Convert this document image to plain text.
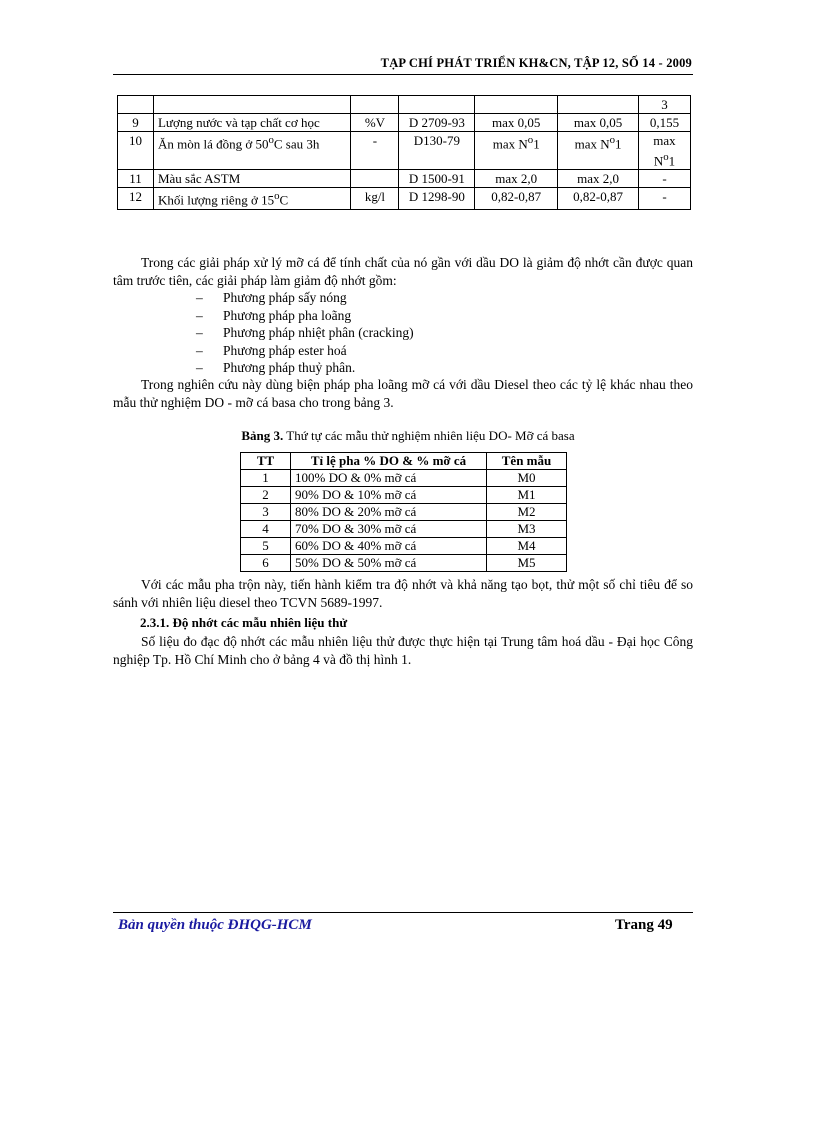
TẠP CHÍ PHÁT TRIỂN KH&CN, TẬP 12, SỐ 14 - 2009
						3
9	Lượng nước và tạp chất cơ học	%V	D 2709-93	max 0,05	max 0,05	0,155
10	Ăn mòn lá đồng ở 50$^o$C sau 3h	-	D130-79	$\max N^o1$	$\max N^o1$	max
$N^o1$
11	Màu sắc ASTM		D 1500-91	max 2,0	max 2,0	-
12	Khối lượng riêng ở 15$^o$C	kg/l	D 1298-90	0,82-0,87	0,82-0,87	-
Trong các giải pháp xử lý mỡ cá để tính chất của nó gần với dầu DO là giảm độ nhớt cần được quan tâm trước tiên, các giải pháp làm giảm độ nhớt gồm:
– Phương pháp sấy nóng
– Phương pháp pha loãng
– Phương pháp nhiệt phân (cracking)
– Phương pháp ester hoá
– Phương pháp thuỷ phân.
Trong nghiên cứu này dùng biện pháp pha loãng mỡ cá với dầu Diesel theo các tỷ lệ khác nhau theo mẫu thử nghiệm DO - mỡ cá basa cho trong bảng 3.
Bảng 3. Thứ tự các mẫu thử nghiệm nhiên liệu DO- Mỡ cá basa
TT	Tỉ lệ pha % DO & % mỡ cá	Tên mẫu
1	100% DO & 0% mỡ cá	M0
2	90% DO & 10% mỡ cá	M1
3	80% DO & 20% mỡ cá	M2
4	70% DO & 30% mỡ cá	M3
5	60% DO & 40% mỡ cá	M4
6	50% DO & 50% mỡ cá	M5
Với các mẫu pha trộn này, tiến hành kiểm tra độ nhớt và khả năng tạo bọt, thử một số chỉ tiêu để so sánh với nhiên liệu diesel theo TCVN 5689-1997.
2.3.1. Độ nhớt các mẫu nhiên liệu thử
Số liệu đo đạc độ nhớt các mẫu nhiên liệu thử được thực hiện tại Trung tâm hoá dầu - Đại học Công nghiệp Tp. Hồ Chí Minh cho ở bảng 4 và đồ thị hình 1.
Bản quyền thuộc ĐHQG-HCM	Trang 49
